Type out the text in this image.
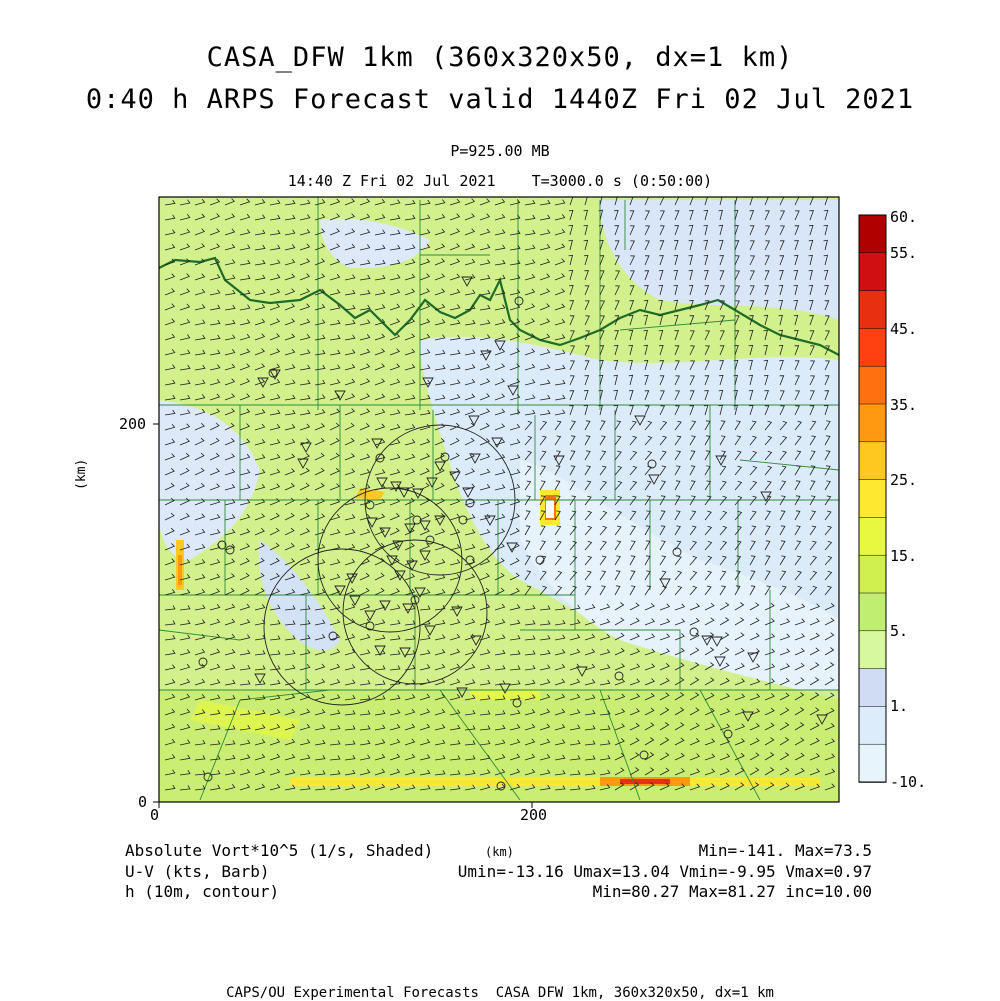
CASA_DFW 1km (360x320x50, dx=1 km)
0:40 h ARPS Forecast valid 1440Z Fri 02 Jul 2021
P=925.00 MB
14:40 Z Fri 02 Jul 2021    T=3000.0 s (0:50:00)
0	200
0
200
(km)
60.
55.
45.
35.
25.
15.
5.
1.
-10.
Absolute Vort*10^5 (1/s, Shaded)	(km)	Min=-141. Max=73.5
U-V (kts, Barb)	Umin=-13.16 Umax=13.04 Vmin=-9.95 Vmax=0.97
h (10m, contour)	Min=80.27 Max=81.27 inc=10.00
CAPS/OU Experimental Forecasts  CASA DFW 1km, 360x320x50, dx=1 km
